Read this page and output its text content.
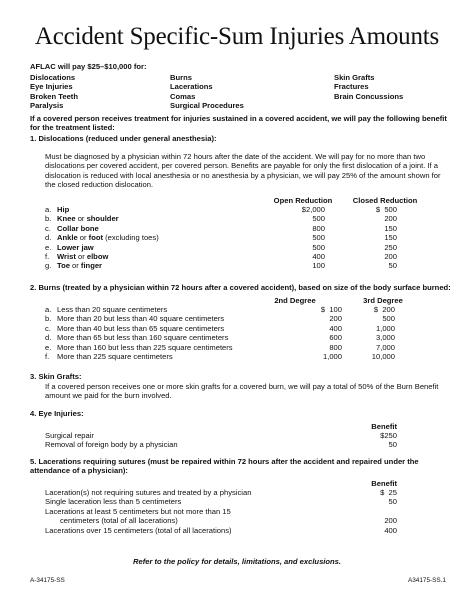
Accident Specific-Sum Injuries Amounts
AFLAC will pay $25–$10,000 for:
Dislocations
Eye Injuries
Broken Teeth
Paralysis
Burns
Lacerations
Comas
Surgical Procedures
Skin Grafts
Fractures
Brain Concussions
If a covered person receives treatment for injuries sustained in a covered accident, we will pay the following benefit for the treatment listed:
1. Dislocations (reduced under general anesthesia):
Must be diagnosed by a physician within 72 hours after the date of the accident. We will pay for no more than two dislocations per covered accident, per covered person. Benefits are payable for only the first dislocation of a joint. If a dislocation is reduced with local anesthesia or no anesthesia by a physician, we will pay 25% of the amount shown for the closed reduction dislocation.
Open Reduction	Closed Reduction
a. Hip	$2,000	$  500
b. Knee or shoulder	500	200
c. Collar bone	800	150
d. Ankle or foot (excluding toes)	500	150
e. Lower jaw	500	250
f. Wrist or elbow	400	200
g. Toe or finger	100	50
2. Burns (treated by a physician within 72 hours after a covered accident), based on size of the body surface burned:
2nd Degree	3rd Degree
a. Less than 20 square centimeters	$  100	$  200
b. More than 20 but less than 40 square centimeters	200	500
c. More than 40 but less than 65 square centimeters	400	1,000
d. More than 65 but less than 160 square centimeters	600	3,000
e. More than 160 but less than 225 square centimeters	800	7,000
f. More than 225 square centimeters	1,000	10,000
3. Skin Grafts:
If a covered person receives one or more skin grafts for a covered burn, we will pay a total of 50% of the Burn Benefit amount we paid for the burn involved.
4. Eye Injuries:
Benefit
Surgical repair	$250
Removal of foreign body by a physician	50
5. Lacerations requiring sutures (must be repaired within 72 hours after the accident and repaired under the attendance of a physician):
Benefit
Laceration(s) not requiring sutures and treated by a physician	$  25
Single laceration less than 5 centimeters	50
Lacerations at least 5 centimeters but not more than 15
centimeters (total of all lacerations)	200
Lacerations over 15 centimeters (total of all lacerations)	400
Refer to the policy for details, limitations, and exclusions.
A-34175-SS	A34175-SS.1
